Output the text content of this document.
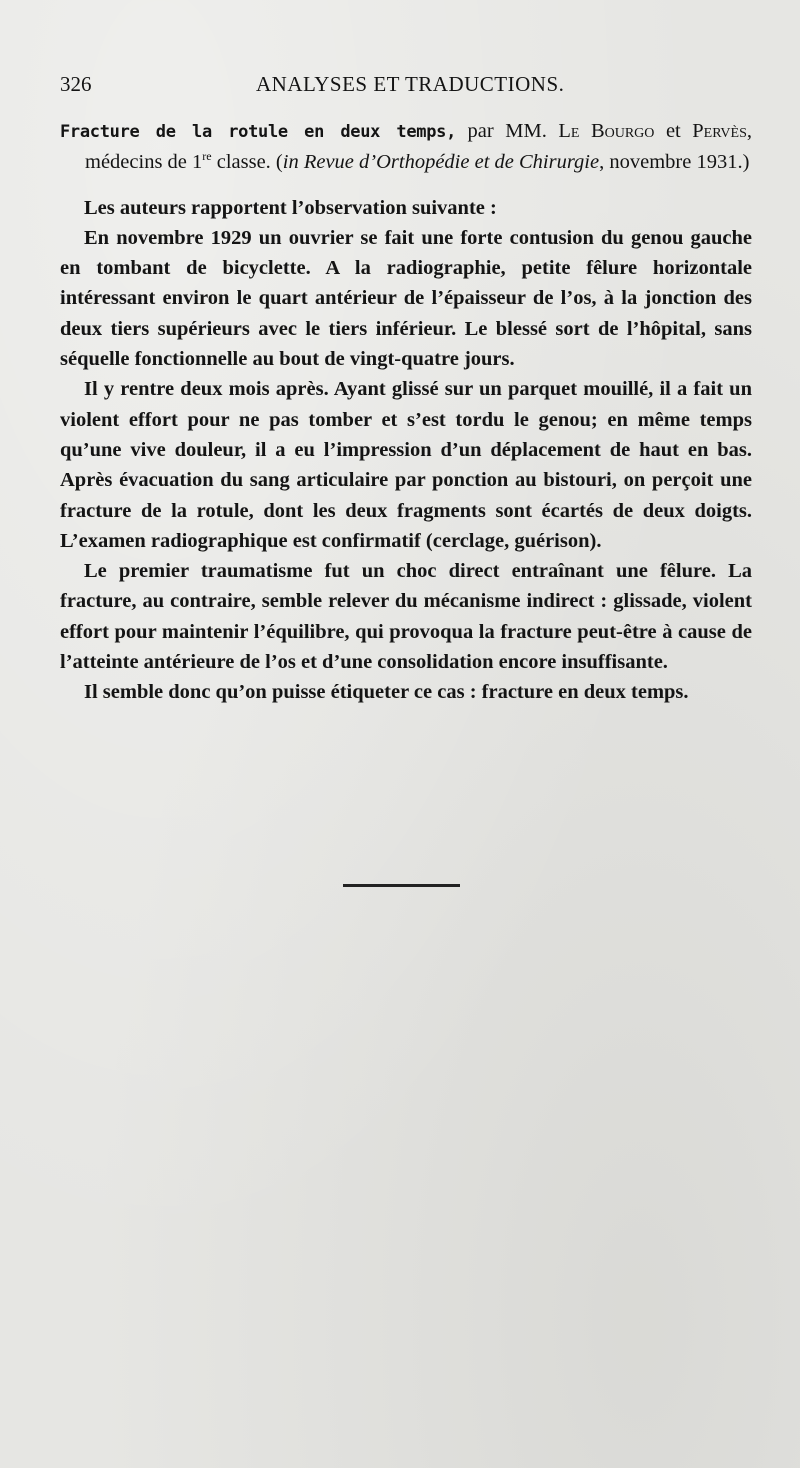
326	ANALYSES ET TRADUCTIONS.

Fracture de la rotule en deux temps, par MM. Le Bourgo et Pervès, médecins de 1re classe. (in Revue d’Orthopédie et de Chirurgie, novembre 1931.)

Les auteurs rapportent l’observation suivante :

En novembre 1929 un ouvrier se fait une forte contusion du genou gauche en tombant de bicyclette. A la radiographie, petite fêlure horizontale intéressant environ le quart antérieur de l’épaisseur de l’os, à la jonction des deux tiers supérieurs avec le tiers inférieur. Le blessé sort de l’hôpital, sans séquelle fonctionnelle au bout de vingt-quatre jours.

Il y rentre deux mois après. Ayant glissé sur un parquet mouillé, il a fait un violent effort pour ne pas tomber et s’est tordu le genou; en même temps qu’une vive douleur, il a eu l’impression d’un déplacement de haut en bas. Après évacuation du sang articulaire par ponction au bistouri, on perçoit une fracture de la rotule, dont les deux fragments sont écartés de deux doigts. L’examen radiographique est confirmatif (cerclage, guérison).

Le premier traumatisme fut un choc direct entraînant une fêlure. La fracture, au contraire, semble relever du mécanisme indirect : glissade, violent effort pour maintenir l’équilibre, qui provoqua la fracture peut-être à cause de l’atteinte antérieure de l’os et d’une consolidation encore insuffisante.

Il semble donc qu’on puisse étiqueter ce cas : fracture en deux temps.
